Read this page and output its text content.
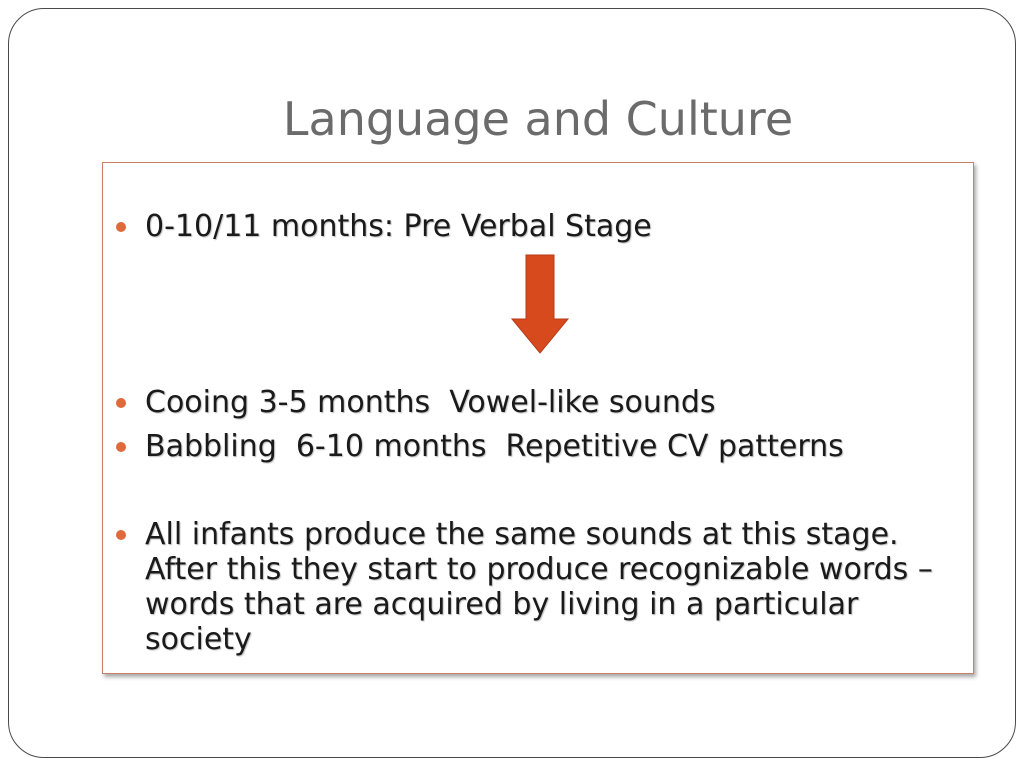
Language and Culture
0-10/11 months: Pre Verbal Stage
Cooing 3-5 months  Vowel-like sounds
Babbling  6-10 months  Repetitive CV patterns
All infants produce the same sounds at this stage. After this they start to produce recognizable words – words that are acquired by living in a particular society
